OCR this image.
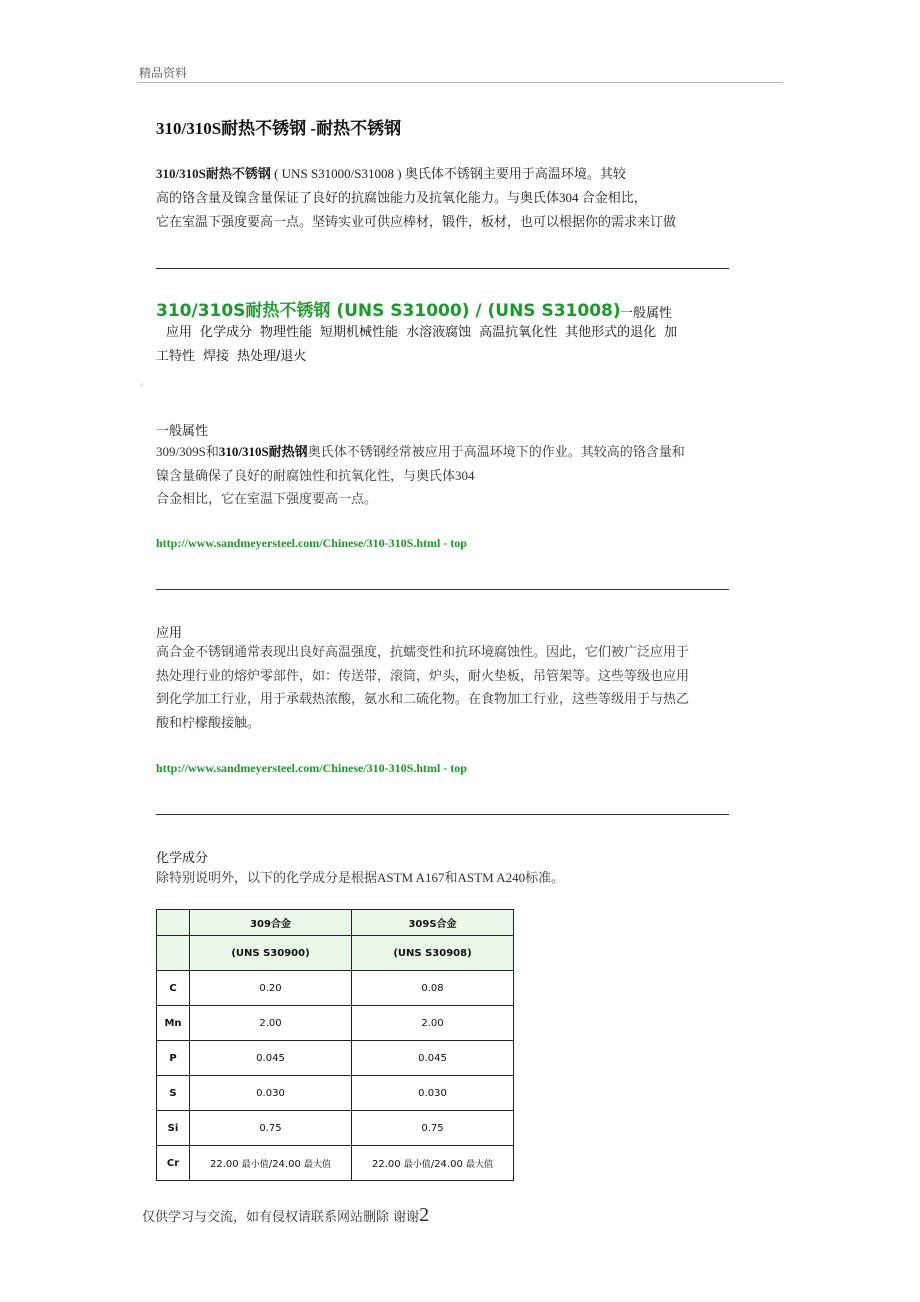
精品资料
310/310S耐热不锈钢 -耐热不锈钢
310/310S耐热不锈钢 ( UNS S31000/S31008 ) 奥氏体不锈钢主要用于高温环境。其较
高的铬含量及镍含量保证了良好的抗腐蚀能力及抗氧化能力。与奥氏体304 合金相比，
它在室温下强度要高一点。坚铸实业可供应棒材，锻件，板材，也可以根据你的需求来订做
310/310S耐热不锈钢 (UNS S31000) / (UNS S31008) 一般属性
应用 化学成分 物理性能 短期机械性能 水溶液腐蚀 高温抗氧化性 其他形式的退化 加
工特性 焊接 热处理/退火
‹
一般属性
309/309S和310/310S耐热钢奥氏体不锈钢经常被应用于高温环境下的作业。其较高的铬含量和
镍含量确保了良好的耐腐蚀性和抗氧化性，与奥氏体304
合金相比，它在室温下强度要高一点。
http://www.sandmeyersteel.com/Chinese/310-310S.html - top
应用
高合金不锈钢通常表现出良好高温强度，抗蠕变性和抗环境腐蚀性。因此，它们被广泛应用于
热处理行业的熔炉零部件，如：传送带，滚筒，炉头，耐火垫板，吊管架等。这些等级也应用
到化学加工行业，用于承载热浓酸，氨水和二硫化物。在食物加工行业，这些等级用于与热乙
酸和柠檬酸接触。
http://www.sandmeyersteel.com/Chinese/310-310S.html - top
化学成分
除特别说明外，以下的化学成分是根据ASTM A167和ASTM A240标准。
	309合金	309S合金
	(UNS S30900)	(UNS S30908)
C	0.20	0.08
Mn	2.00	2.00
P	0.045	0.045
S	0.030	0.030
Si	0.75	0.75
Cr	22.00 最小值/24.00 最大值	22.00 最小值/24.00 最大值
仅供学习与交流，如有侵权请联系网站删除 谢谢2
